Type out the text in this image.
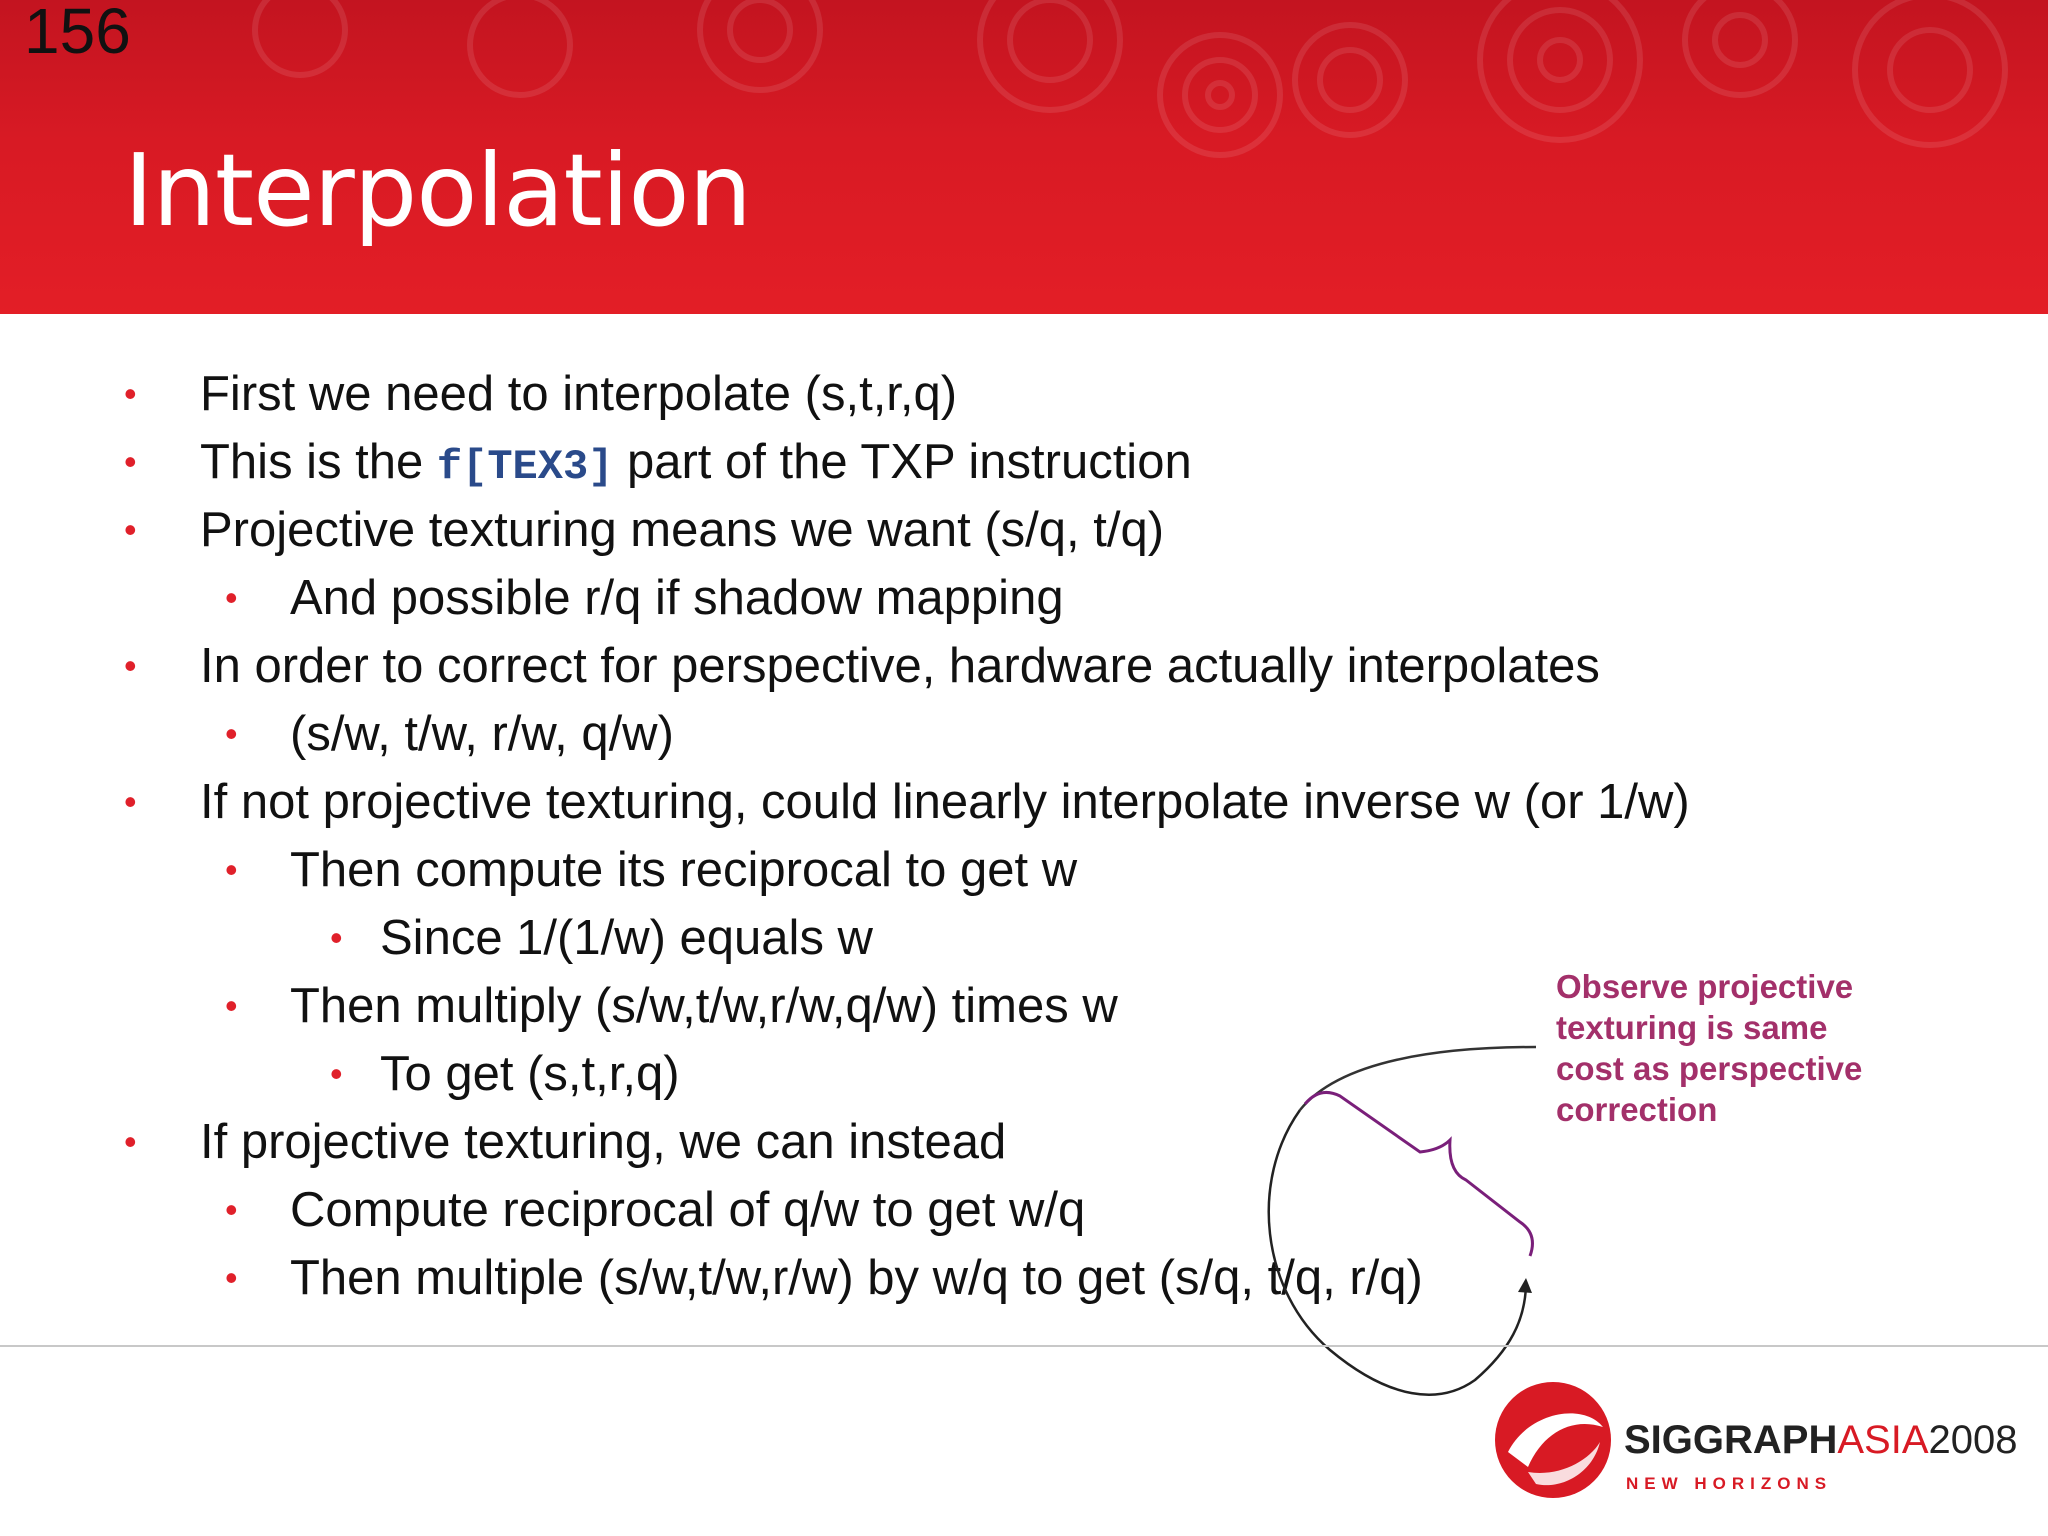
156
Interpolation
• First we need to interpolate (s,t,r,q)
• This is the f[TEX3] part of the TXP instruction
• Projective texturing means we want (s/q, t/q)
• And possible r/q if shadow mapping
• In order to correct for perspective, hardware actually interpolates
• (s/w, t/w, r/w, q/w)
• If not projective texturing, could linearly interpolate inverse w (or 1/w)
• Then compute its reciprocal to get w
• Since 1/(1/w) equals w
• Then multiply (s/w,t/w,r/w,q/w) times w
• To get (s,t,r,q)
• If projective texturing, we can instead
• Compute reciprocal of q/w to get w/q
• Then multiple (s/w,t/w,r/w) by w/q to get (s/q, t/q, r/q)
Observe projective texturing is same cost as perspective correction
SIGGRAPHASIA2008
NEW HORIZONS
